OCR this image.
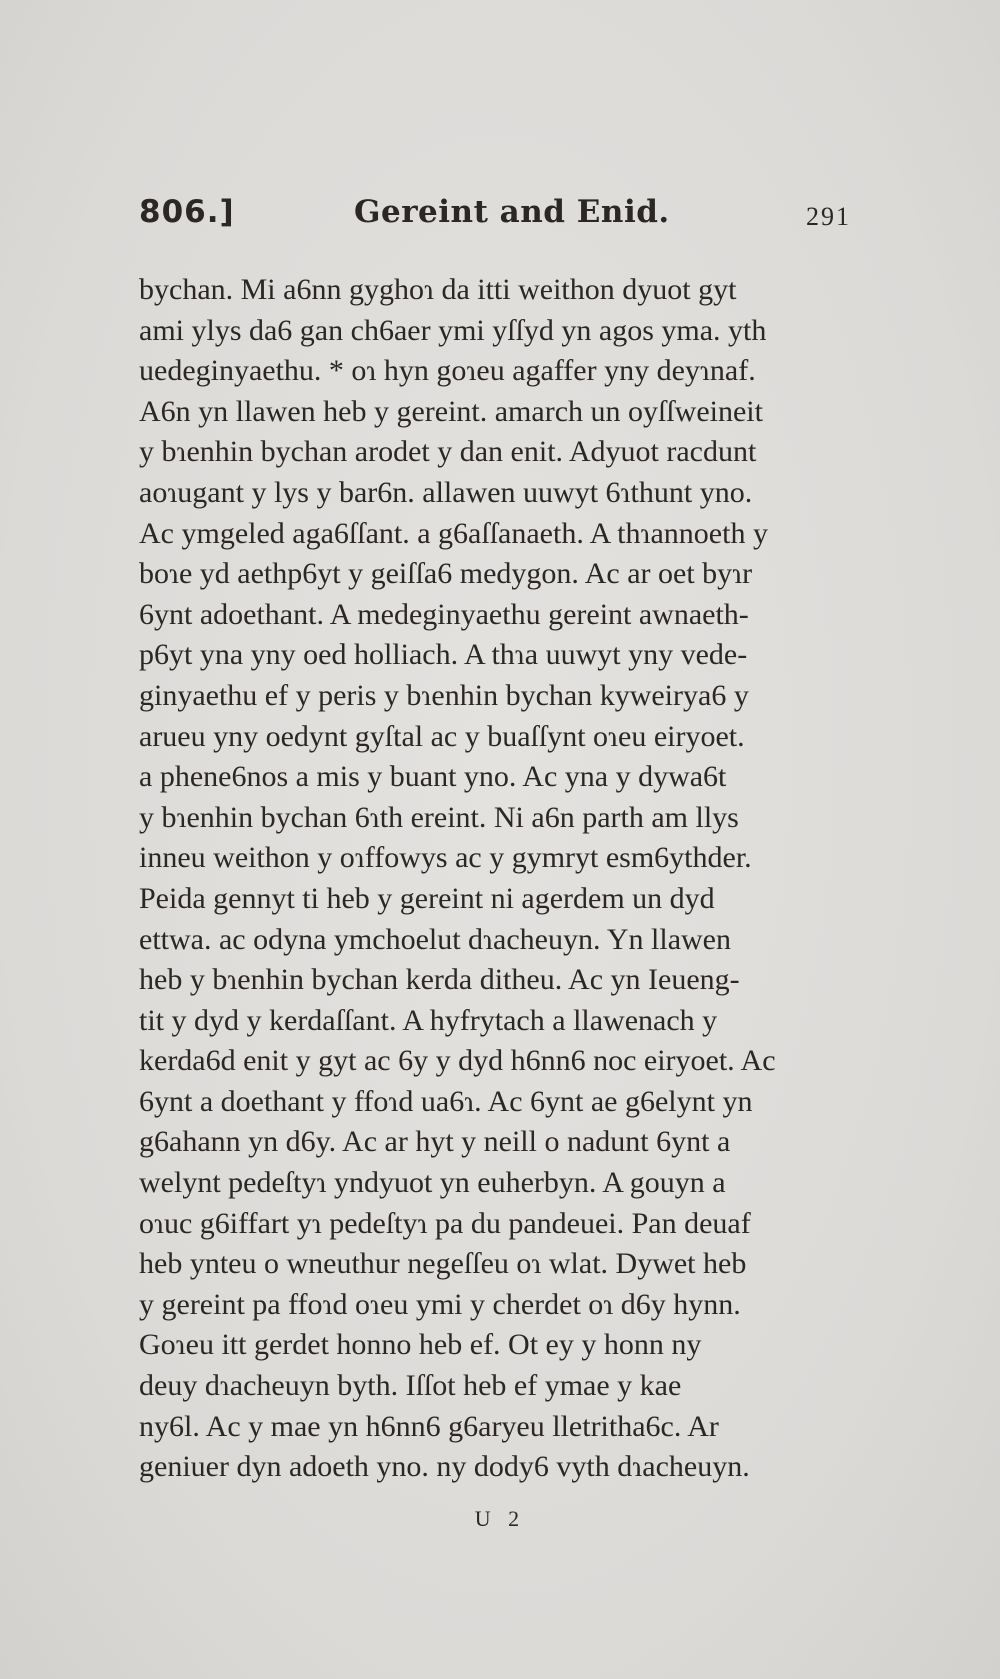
806.]	Gereint and Enid.	291
bychan. Mi a6nn gyghoɿ da itti weithon dyuot gyt
ami ylys da6 gan ch6aer ymi yſſyd yn agos yma. yth
uedeginyaethu. * oɿ hyn goɿeu agaffer yny deyɿnaf.
A6n yn llawen heb y gereint. amarch un oyſſweineit
y bɿenhin bychan arodet y dan enit. Adyuot racdunt
aoɿugant y lys y bar6n. allawen uuwyt 6ɿthunt yno.
Ac ymgeled aga6ſſant. a g6aſſanaeth. A thɿannoeth y
boɿe yd aethp6yt y geiſſa6 medygon. Ac ar oet byɿr
6ynt adoethant. A medeginyaethu gereint awnaeth-
p6yt yna yny oed holliach. A thɿa uuwyt yny vede-
ginyaethu ef y peris y bɿenhin bychan kyweirya6 y
arueu yny oedynt gyſtal ac y buaſſynt oɿeu eiryoet.
a phene6nos a mis y buant yno. Ac yna y dywa6t
y bɿenhin bychan 6ɿth ereint. Ni a6n parth am llys
inneu weithon y oɿffowys ac y gymryt esm6ythder.
Peida gennyt ti heb y gereint ni agerdem un dyd
ettwa. ac odyna ymchoelut dɿacheuyn. Yn llawen
heb y bɿenhin bychan kerda ditheu. Ac yn Ieueng-
tit y dyd y kerdaſſant. A hyfrytach a llawenach y
kerda6d enit y gyt ac 6y y dyd h6nn6 noc eiryoet. Ac
6ynt a doethant y ffoɿd ua6ɿ. Ac 6ynt ae g6elynt yn
g6ahann yn d6y. Ac ar hyt y neill o nadunt 6ynt a
welynt pedeſtyɿ yndyuot yn euherbyn. A gouyn a
oɿuc g6iffart yɿ pedeſtyɿ pa du pandeuei. Pan deuaf
heb ynteu o wneuthur negeſſeu oɿ wlat. Dywet heb
y gereint pa ffoɿd oɿeu ymi y cherdet oɿ d6y hynn.
Goɿeu itt gerdet honno heb ef. Ot ey y honn ny
deuy dɿacheuyn byth. Iſſot heb ef ymae y kae
ny6l. Ac y mae yn h6nn6 g6aryeu lletritha6c. Ar
geniuer dyn adoeth yno. ny dody6 vyth dɿacheuyn.
U 2
